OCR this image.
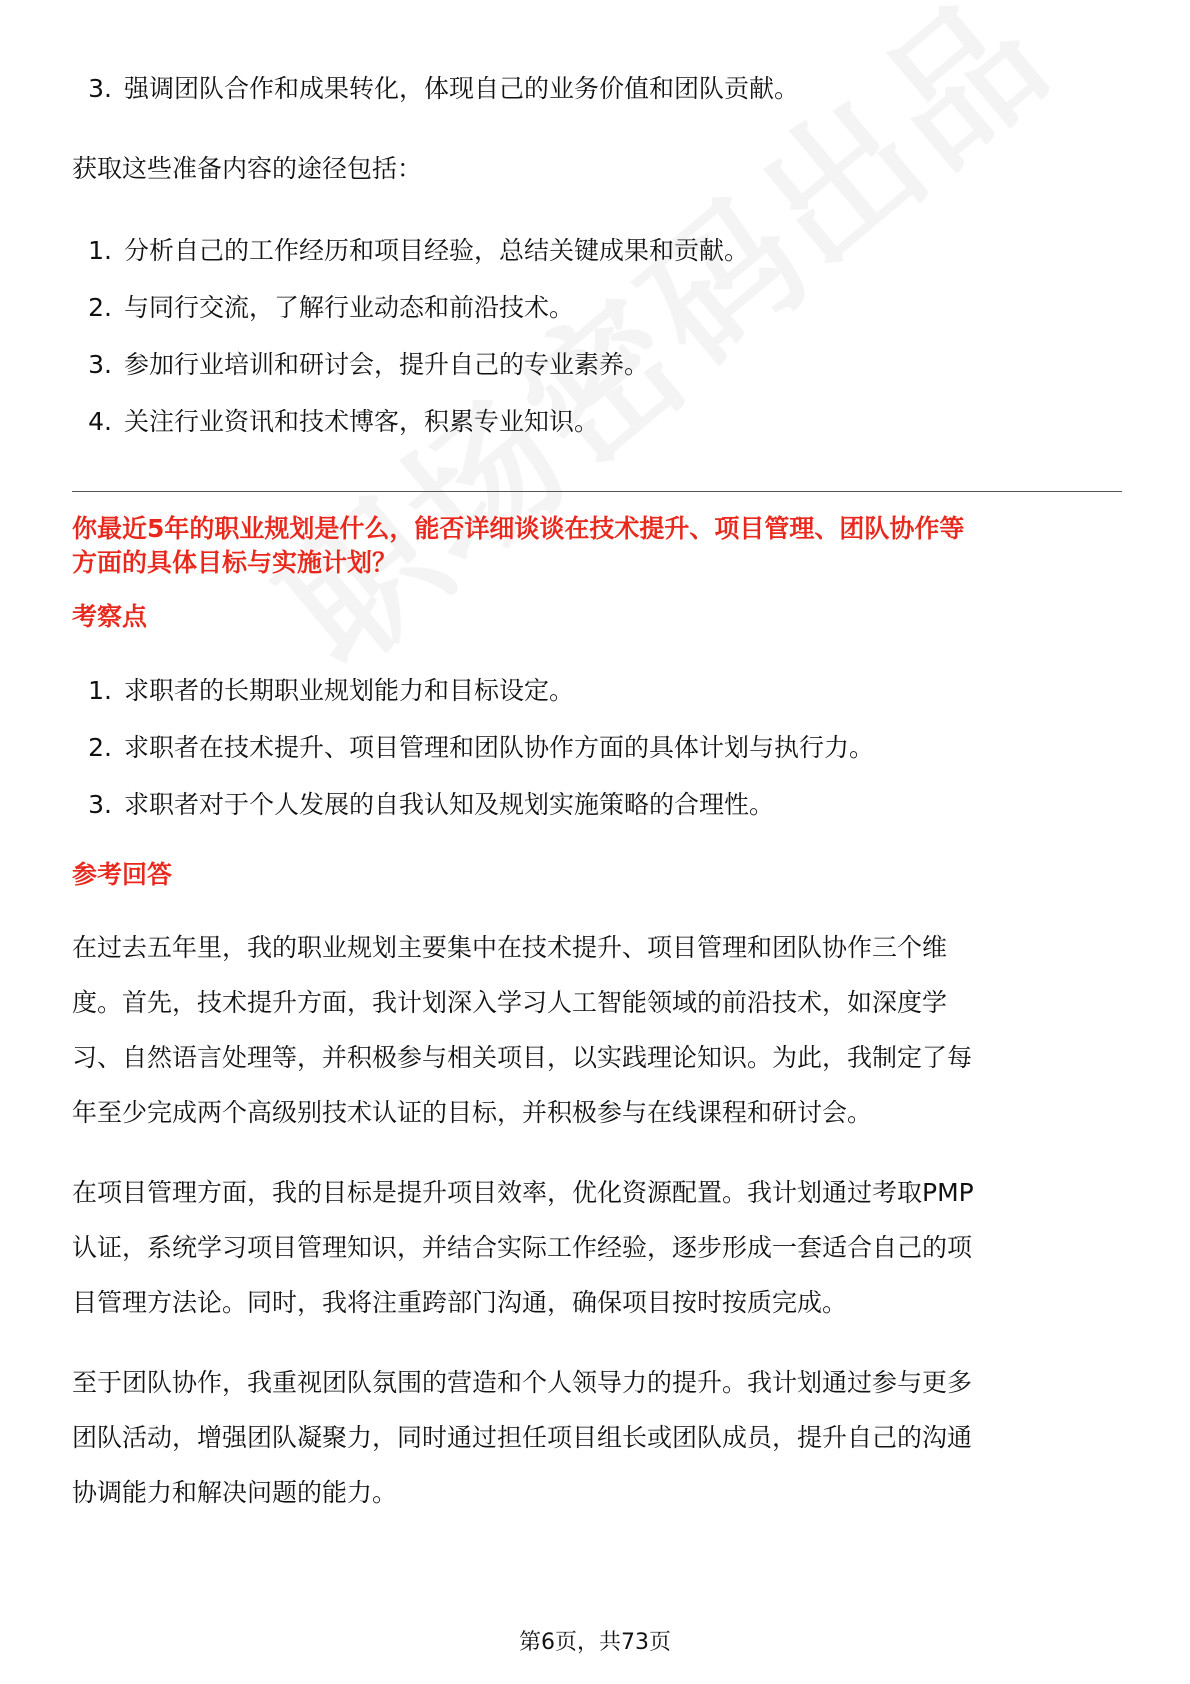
3. 强调团队合作和成果转化，体现自己的业务价值和团队贡献。
获取这些准备内容的途径包括：
1. 分析自己的工作经历和项目经验，总结关键成果和贡献。
2. 与同行交流，了解行业动态和前沿技术。
3. 参加行业培训和研讨会，提升自己的专业素养。
4. 关注行业资讯和技术博客，积累专业知识。
你最近5年的职业规划是什么，能否详细谈谈在技术提升、项目管理、团队协作等
方面的具体目标与实施计划？
考察点
1. 求职者的长期职业规划能力和目标设定。
2. 求职者在技术提升、项目管理和团队协作方面的具体计划与执行力。
3. 求职者对于个人发展的自我认知及规划实施策略的合理性。
参考回答
在过去五年里，我的职业规划主要集中在技术提升、项目管理和团队协作三个维
度。首先，技术提升方面，我计划深入学习人工智能领域的前沿技术，如深度学
习、自然语言处理等，并积极参与相关项目，以实践理论知识。为此，我制定了每
年至少完成两个高级别技术认证的目标，并积极参与在线课程和研讨会。
在项目管理方面，我的目标是提升项目效率，优化资源配置。我计划通过考取PMP
认证，系统学习项目管理知识，并结合实际工作经验，逐步形成一套适合自己的项
目管理方法论。同时，我将注重跨部门沟通，确保项目按时按质完成。
至于团队协作，我重视团队氛围的营造和个人领导力的提升。我计划通过参与更多
团队活动，增强团队凝聚力，同时通过担任项目组长或团队成员，提升自己的沟通
协调能力和解决问题的能力。
第6页，共73页
